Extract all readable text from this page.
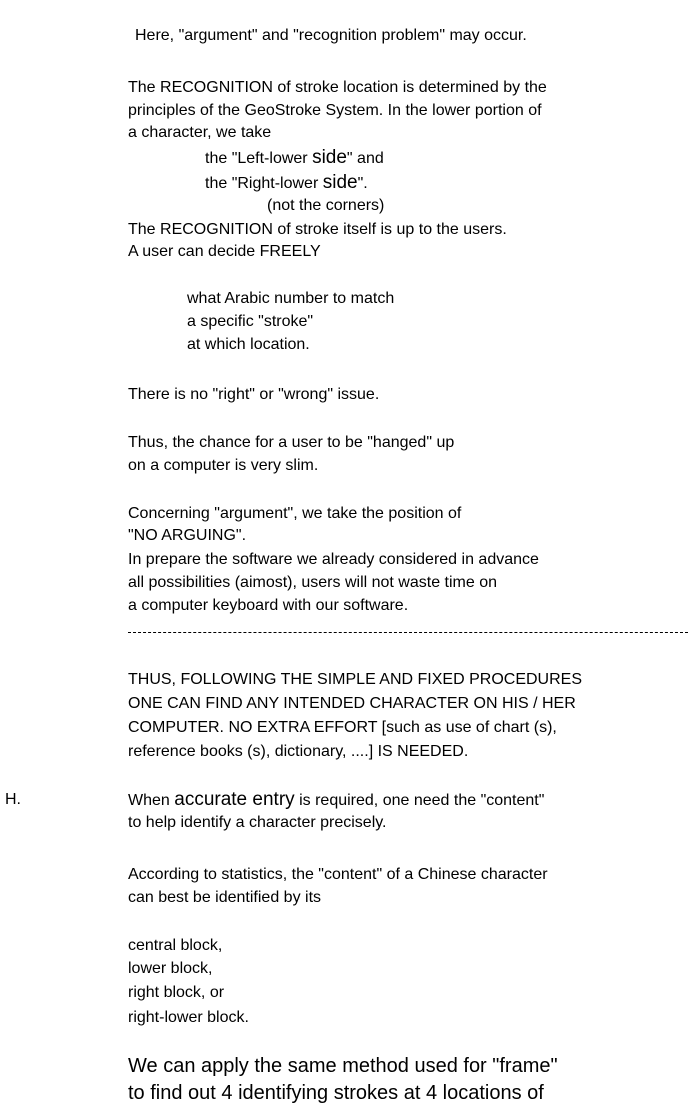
Here, "argument" and "recognition problem" may occur.
The RECOGNITION of stroke location is determined by the
principles of the GeoStroke System. In the lower portion of
a character, we take
the "Left-lower side" and
the "Right-lower side".
(not the corners)
The RECOGNITION of stroke itself is up to the users.
A user can decide FREELY
what Arabic number to match
a specific "stroke"
at which location.
There is no "right" or "wrong" issue.
Thus, the chance for a user to be "hanged" up
on a computer is very slim.
Concerning "argument", we take the position of
"NO ARGUING".
In prepare the software we already considered in advance
all possibilities (aimost), users will not waste time on
a computer keyboard with our software.
THUS, FOLLOWING THE SIMPLE AND FIXED PROCEDURES
ONE CAN FIND ANY INTENDED CHARACTER ON HIS / HER
COMPUTER. NO EXTRA EFFORT [such as use of chart (s),
reference books (s), dictionary, ....] IS NEEDED.
H.	When accurate entry is required, one need the "content"
to help identify a character precisely.
According to statistics, the "content" of a Chinese character
can best be identified by its
central block,
lower block,
right block, or
right-lower block.
We can apply the same method used for "frame"
to find out 4 identifying strokes at 4 locations of
